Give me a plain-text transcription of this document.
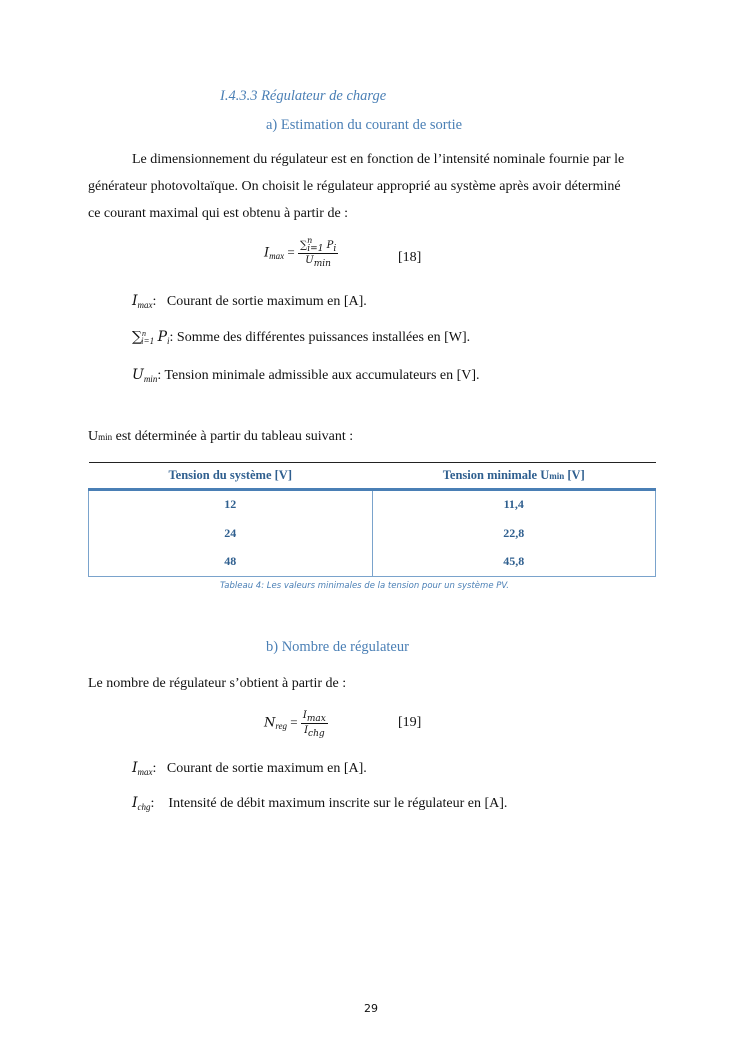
I.4.3.3 Régulateur de charge
a) Estimation du courant de sortie
Le dimensionnement du régulateur est en fonction de l’intensité nominale fournie par le
générateur photovoltaïque. On choisit le régulateur approprié au système après avoir déterminé
ce courant maximal qui est obtenu à partir de :
$I_{max} = \frac{\sum^ni=1 Pi}{Umin}$	[18]
$I_{max}$: Courant de sortie maximum en [A].
∑$^n_{i=1}$ $P_i$: Somme des différentes puissances installées en [W].
$U_{min}$: Tension minimale admissible aux accumulateurs en [V].
Umin est déterminée à partir du tableau suivant :
Tension du système [V]	Tension minimale Umin [V]
12	11,4
24	22,8
48	45,8
Tableau 4: Les valeurs minimales de la tension pour un système PV.
b) Nombre de régulateur
Le nombre de régulateur s’obtient à partir de :
$N_{reg} = \frac{Imax}{\text{Ichg}}$	[19]
$I_{max}$: Courant de sortie maximum en [A].
$I_{chg}$: Intensité de débit maximum inscrite sur le régulateur en [A].
29
